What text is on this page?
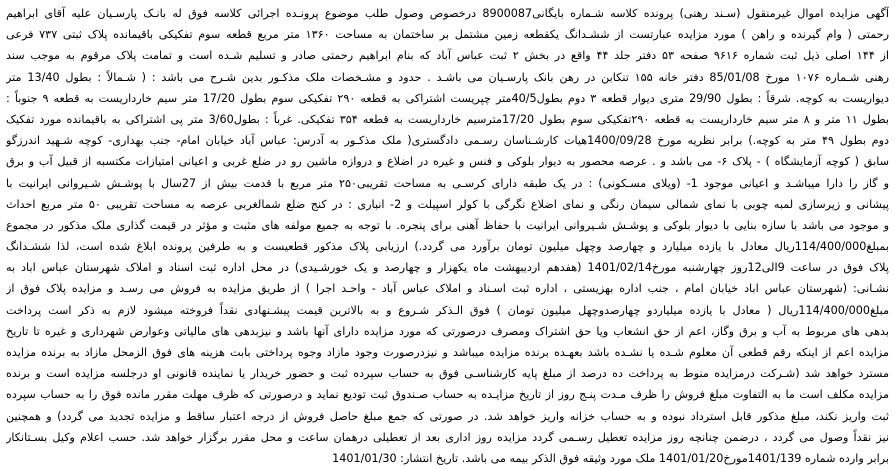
آگهی مزایده اموال غیرمنقول (سـند رهنی) پرونده کلاسه شـماره بایگانی8900087 درخصوص وصول طلب موضوع پرونـده اجرائی کلاسه فوق له بانـک پارسـیان علیه آقای ابراهیم
رحمتی ( وام گیرنده و راهن ) مورد مزایده عبارتست از ششـدانگ یکقطعه زمین مشتمل بر ساختمان به مساحت ۱۳۶۰ متر مربع قطعه سوم تفکیکی باقیمانده پلاک ثبتی ۷۳۷ فرعی
از ۱۴۴ اصلی ذیل ثبت شماره ۹۶۱۶ صفحه ۵۳ دفتر جلد ۴۴ واقع در بخش ۲ ثبت عباس آباد که بنام ابراهیم رحمتی صادر و تسلیم شـده است و تمامت پلاک مرقوم به موجب سند
رهنی شـماره ۱۰۷۶ مورخ 85/01/08 دفتر خانه ۱۵۵ تنکابن در رهن بانک پارسـیان می باشـد . حدود و مشـخصات ملک مذکـور بدین شـرح می باشد : ( شـمالاً : بطول 13/40 متر
دیواریست به کوچه. شرقاً : بطول 29/90 متری دیوار قطعه ۳ دوم بطول40/5متر چپریست اشتراکی به قطعه ۲۹۰ تفکیکی سوم بطول 17/20 متر سیم خارداریست به قطعه ۹ جنوباً :
بطول ۱۱ متر و ۸ متر سیم خارداریست به قطعه ۲۹۰تفکیکی سوم بطول 17/20مترسیم خارداریست به قطعه ۳۵۴ تفکیکی. غرباً : بطول3/60 متر پی اشتراکی به باقیمانده مورد تفکیک
دوم بطول ۴۹ متر به کوچه.) برابر نظریه مورخ 1400/09/28هیات کارشـناسان رسـمی دادگستری( ملک مذکـور به آدرس: عباس آباد خیابان امام- جنب بهداری- کوچه شـهید اندرزگو
سابق ( کوچه آزمایشگاه ) - پلاک ۶- می باشد و . عرصه محصور به دیوار بلوکی و فنس و غیره در اضلاع و دروازه ماشین رو در ضلع غربی و اعیانی امتیازات مکتسبه از قبیل آب و برق
و گاز را دارا میباشـد و اعیانی موجود 1- (ویلای مسـکونی) : در یک طبقه دارای کرسـی به مساحت تقریبی۲۵۰ متر مربع با قدمت بیش از 27سال با پوشـش شـیروانی ایرانیت با
پیشانی و زیرسازی لمبه چوبی با نمای شمالی سیمان رنگی و نمای اضلاع نگرگی با کولر اسپیلت و 2- انباری : در کنج ضلع شمالغربی عرصه به مساحت تقریبی ۵۰ متر مربع احداث
و موجود می باشد با سازه بنایی با دیوار بلوکی و پوشـش شـیروانی ایرانیت با حفاظ آهنی برای پنجره. با توجه به جمیع مولفه های مثبت و مؤثر در قیمت گذاری ملک مذکور در مجموع
بمبلغ114/400/000ریال معادل با یازده میلیارد و چهارصد وچهل میلیون تومان برآورد می گردد.) ارزیابی پلاک مذکور قطعیست و به طرفین پرونده ابلاغ شده است، لذا ششـدانگ
پلاک فوق در ساعت 9الی12روز چهارشنبه مورخ1401/02/14 (هفدهم اردیبهشت ماه یکهزار و چهارصد و یک خورشـیدی) در محل اداره ثبت اسناد و املاک شهرستان عباس اباد به
نشـانی: (شهرستان عباس اباد خیابان امام ، جنب اداره بهزیستی ، اداره ثبت اسـناد و املاک عباس آباد - واحـد اجرا ) از طریق مزایده به فروش می رسـد و مزایده پلاک فوق از
مبلغ114/400/000ریال ( معادل با یازده میلیاردو چهارصدوچهل میلیون تومان ) فوق الـذکر شـروع و به بالاترین قیمت پیشـنهادی نقداً فروخته میشود لازم به ذکر است پرداخت
بدهی های مربوط به آب و برق وگاز، اعم از حق انشعاب ویا حق اشتراک ومصرف درصورتی که مورد مزایده دارای آنها باشد و نیزبدهی های مالیاتی وعوارض شهرداری و غیره تا تاریخ
مزایده اعم از اینکه رقم قطعی آن معلوم شـده یا نشـده باشد بعهـده برنده مزایده میباشد و نیزدرصورت وجود مازاد وجوه پرداختی بابت هزینه های فوق الزمحل مازاد به برنده مزایده
مسترد خواهد شد (شـرکت درمزایده منوط به پرداخت ده درصد از مبلغ پایه کارشناسـی فوق به حساب سپرده ثبت و حضور خریدار یا نماینده قانونی او درجلسه مزایده است و برنده
مزایده مکلف است ما به التفاوت مبلغ فروش را ظرف مـدت پنـج روز از تاریخ مزایـده به حساب صـندوق ثبت تودیع نماید و درصورتی که ظرف مهلت مقرر مانده فوق را به حساب سپرده
ثبت واریز نکند، مبلغ مذکور قابل استرداد نبوده و به حساب خزانه واریز خواهد شد. در صورتی که جمع مبلغ حاصل فروش از درجه اعتبار ساقط و مزایده تجدید می گردد) و همچنین
نیز نقداً وصول می گردد ، درضمن چنانچه روز مزایده تعطیل رسـمی گردد مزایده روز اداری بعد از تعطیلی درهمان ساعت و محل مقرر برگزار خواهد شد. حسب اعلام وکیل بسـتانکار
برابر وارده شماره 1401/139مورخ1401/01/20 ملک مورد وثیقه فوق الذکر بیمه می باشد. تاریخ انتشار: 1401/01/30
